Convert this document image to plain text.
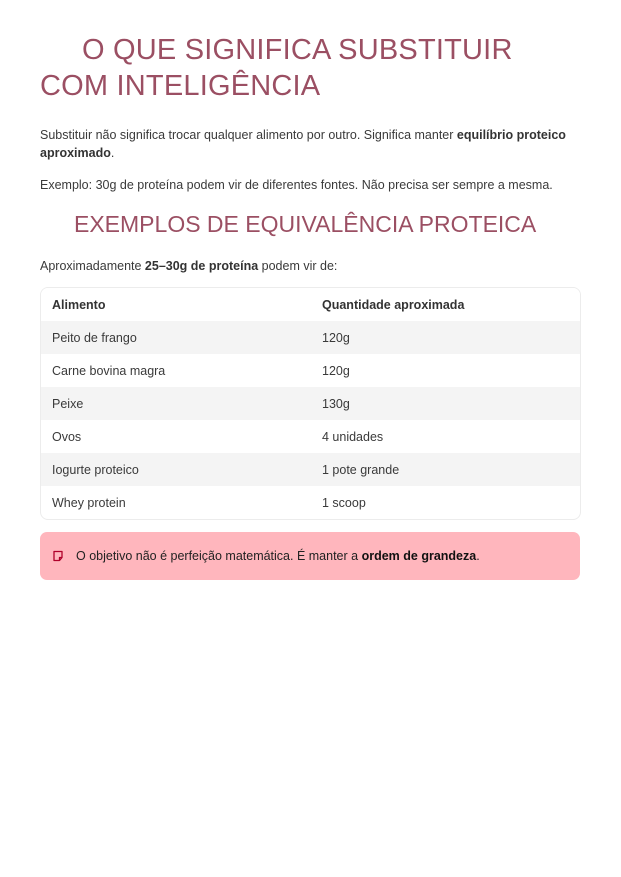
O QUE SIGNIFICA SUBSTITUIR COM INTELIGÊNCIA

Substituir não significa trocar qualquer alimento por outro. Significa manter equilíbrio proteico aproximado.

Exemplo: 30g de proteína podem vir de diferentes fontes. Não precisa ser sempre a mesma.

EXEMPLOS DE EQUIVALÊNCIA PROTEICA

Aproximadamente 25–30g de proteína podem vir de:

Alimento	Quantidade aproximada
Peito de frango	120g
Carne bovina magra	120g
Peixe	130g
Ovos	4 unidades
Iogurte proteico	1 pote grande
Whey protein	1 scoop
O objetivo não é perfeição matemática. É manter a ordem de grandeza.
